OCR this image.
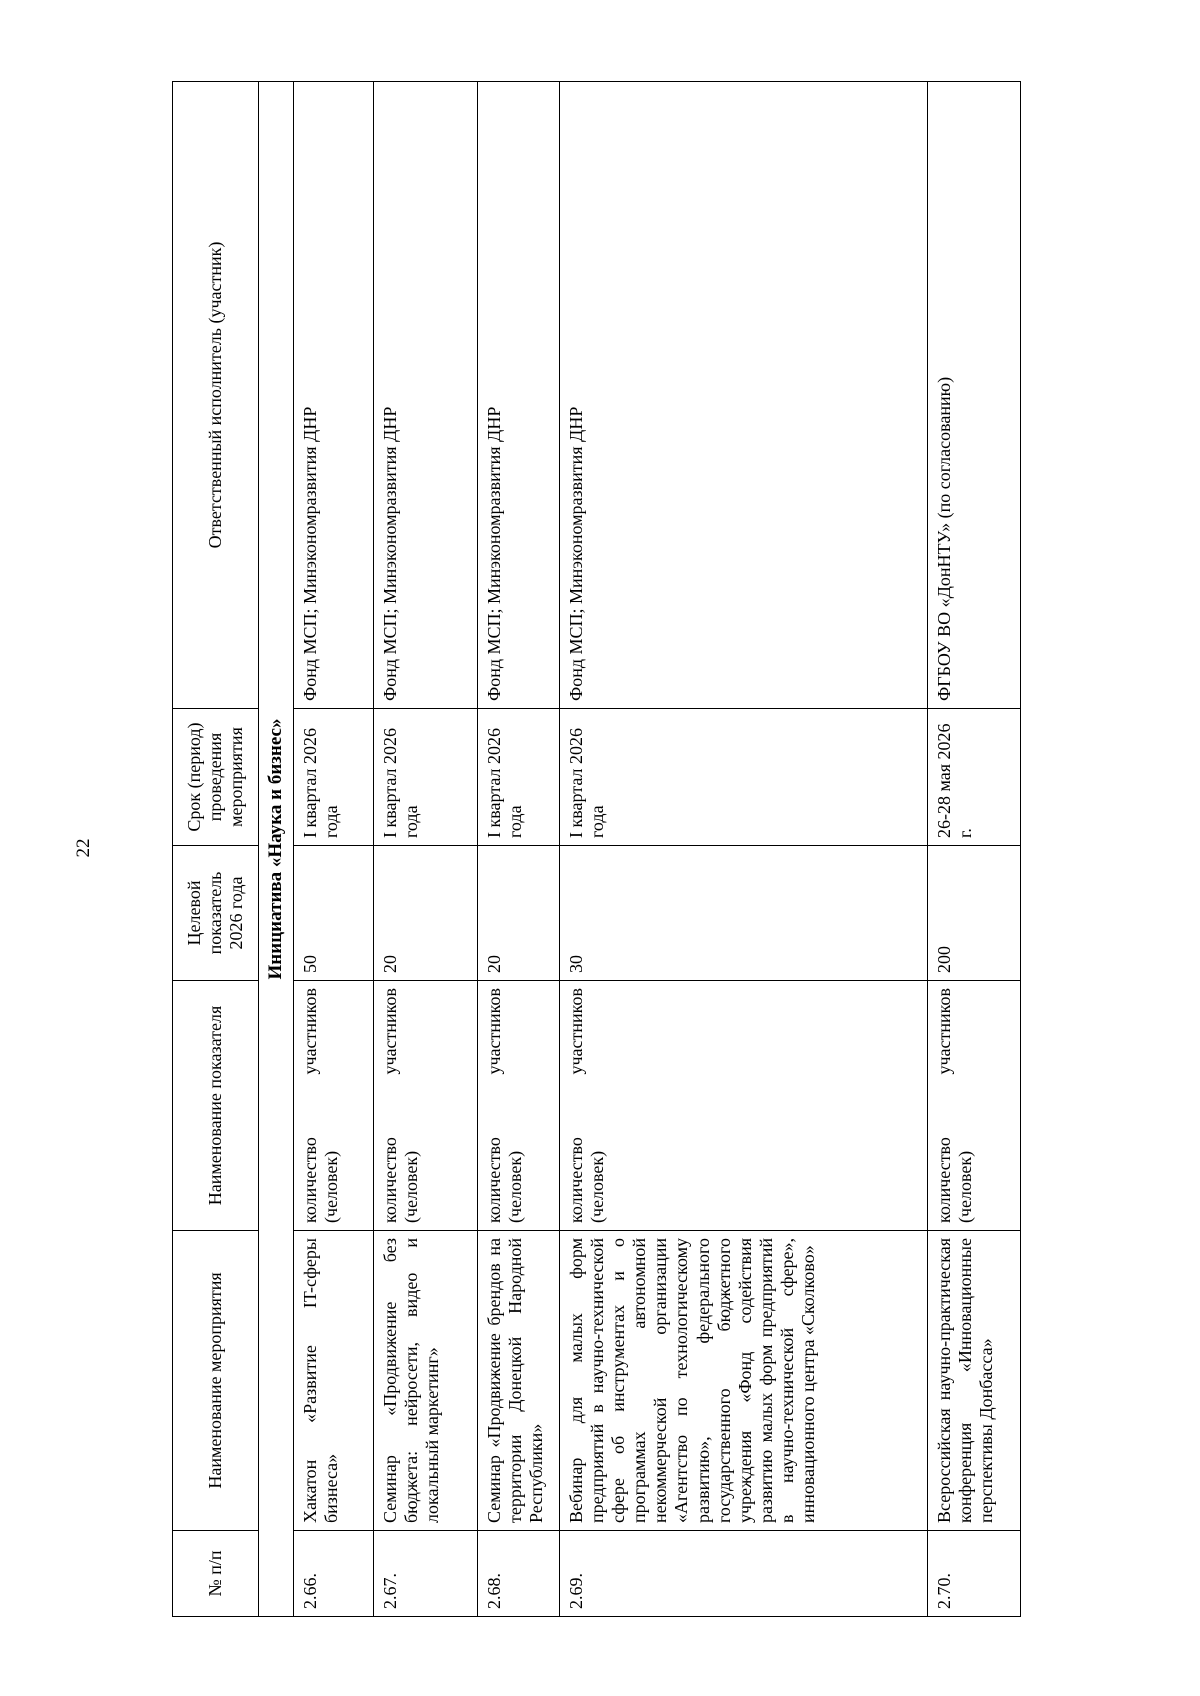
22
№ п/п	Наименование мероприятия	Наименование показателя	Целевой показатель 2026 года	Срок (период) проведения мероприятия	Ответственный исполнитель (участник)
Инициатива «Наука и бизнес»					
2.66.	Хакатон «Развитие IT-сферы бизнеса»	количество участников (человек)	50	I квартал 2026 года	Фонд МСП; Минэкономразвития ДНР
2.67.	Семинар «Продвижение без бюджета: нейросети, видео и локальный маркетинг»	количество участников (человек)	20	I квартал 2026 года	Фонд МСП; Минэкономразвития ДНР
2.68.	Семинар «Продвижение брендов на территории Донецкой Народной Республики»	количество участников (человек)	20	I квартал 2026 года	Фонд МСП; Минэкономразвития ДНР
2.69.	Вебинар для малых форм предприятий в научно-технической сфере об инструментах и о программах автономной некоммерческой организации «Агентство по технологическому развитию», федерального государственного бюджетного учреждения «Фонд содействия развитию малых форм предприятий в научно-технической сфере», инновационного центра «Сколково»	количество участников (человек)	30	I квартал 2026 года	Фонд МСП; Минэкономразвития ДНР
2.70.	Всероссийская научно-практическая конференция «Инновационные перспективы Донбасса»	количество участников (человек)	200	26-28 мая 2026 г.	ФГБОУ ВО «ДонНТУ» (по согласованию)
